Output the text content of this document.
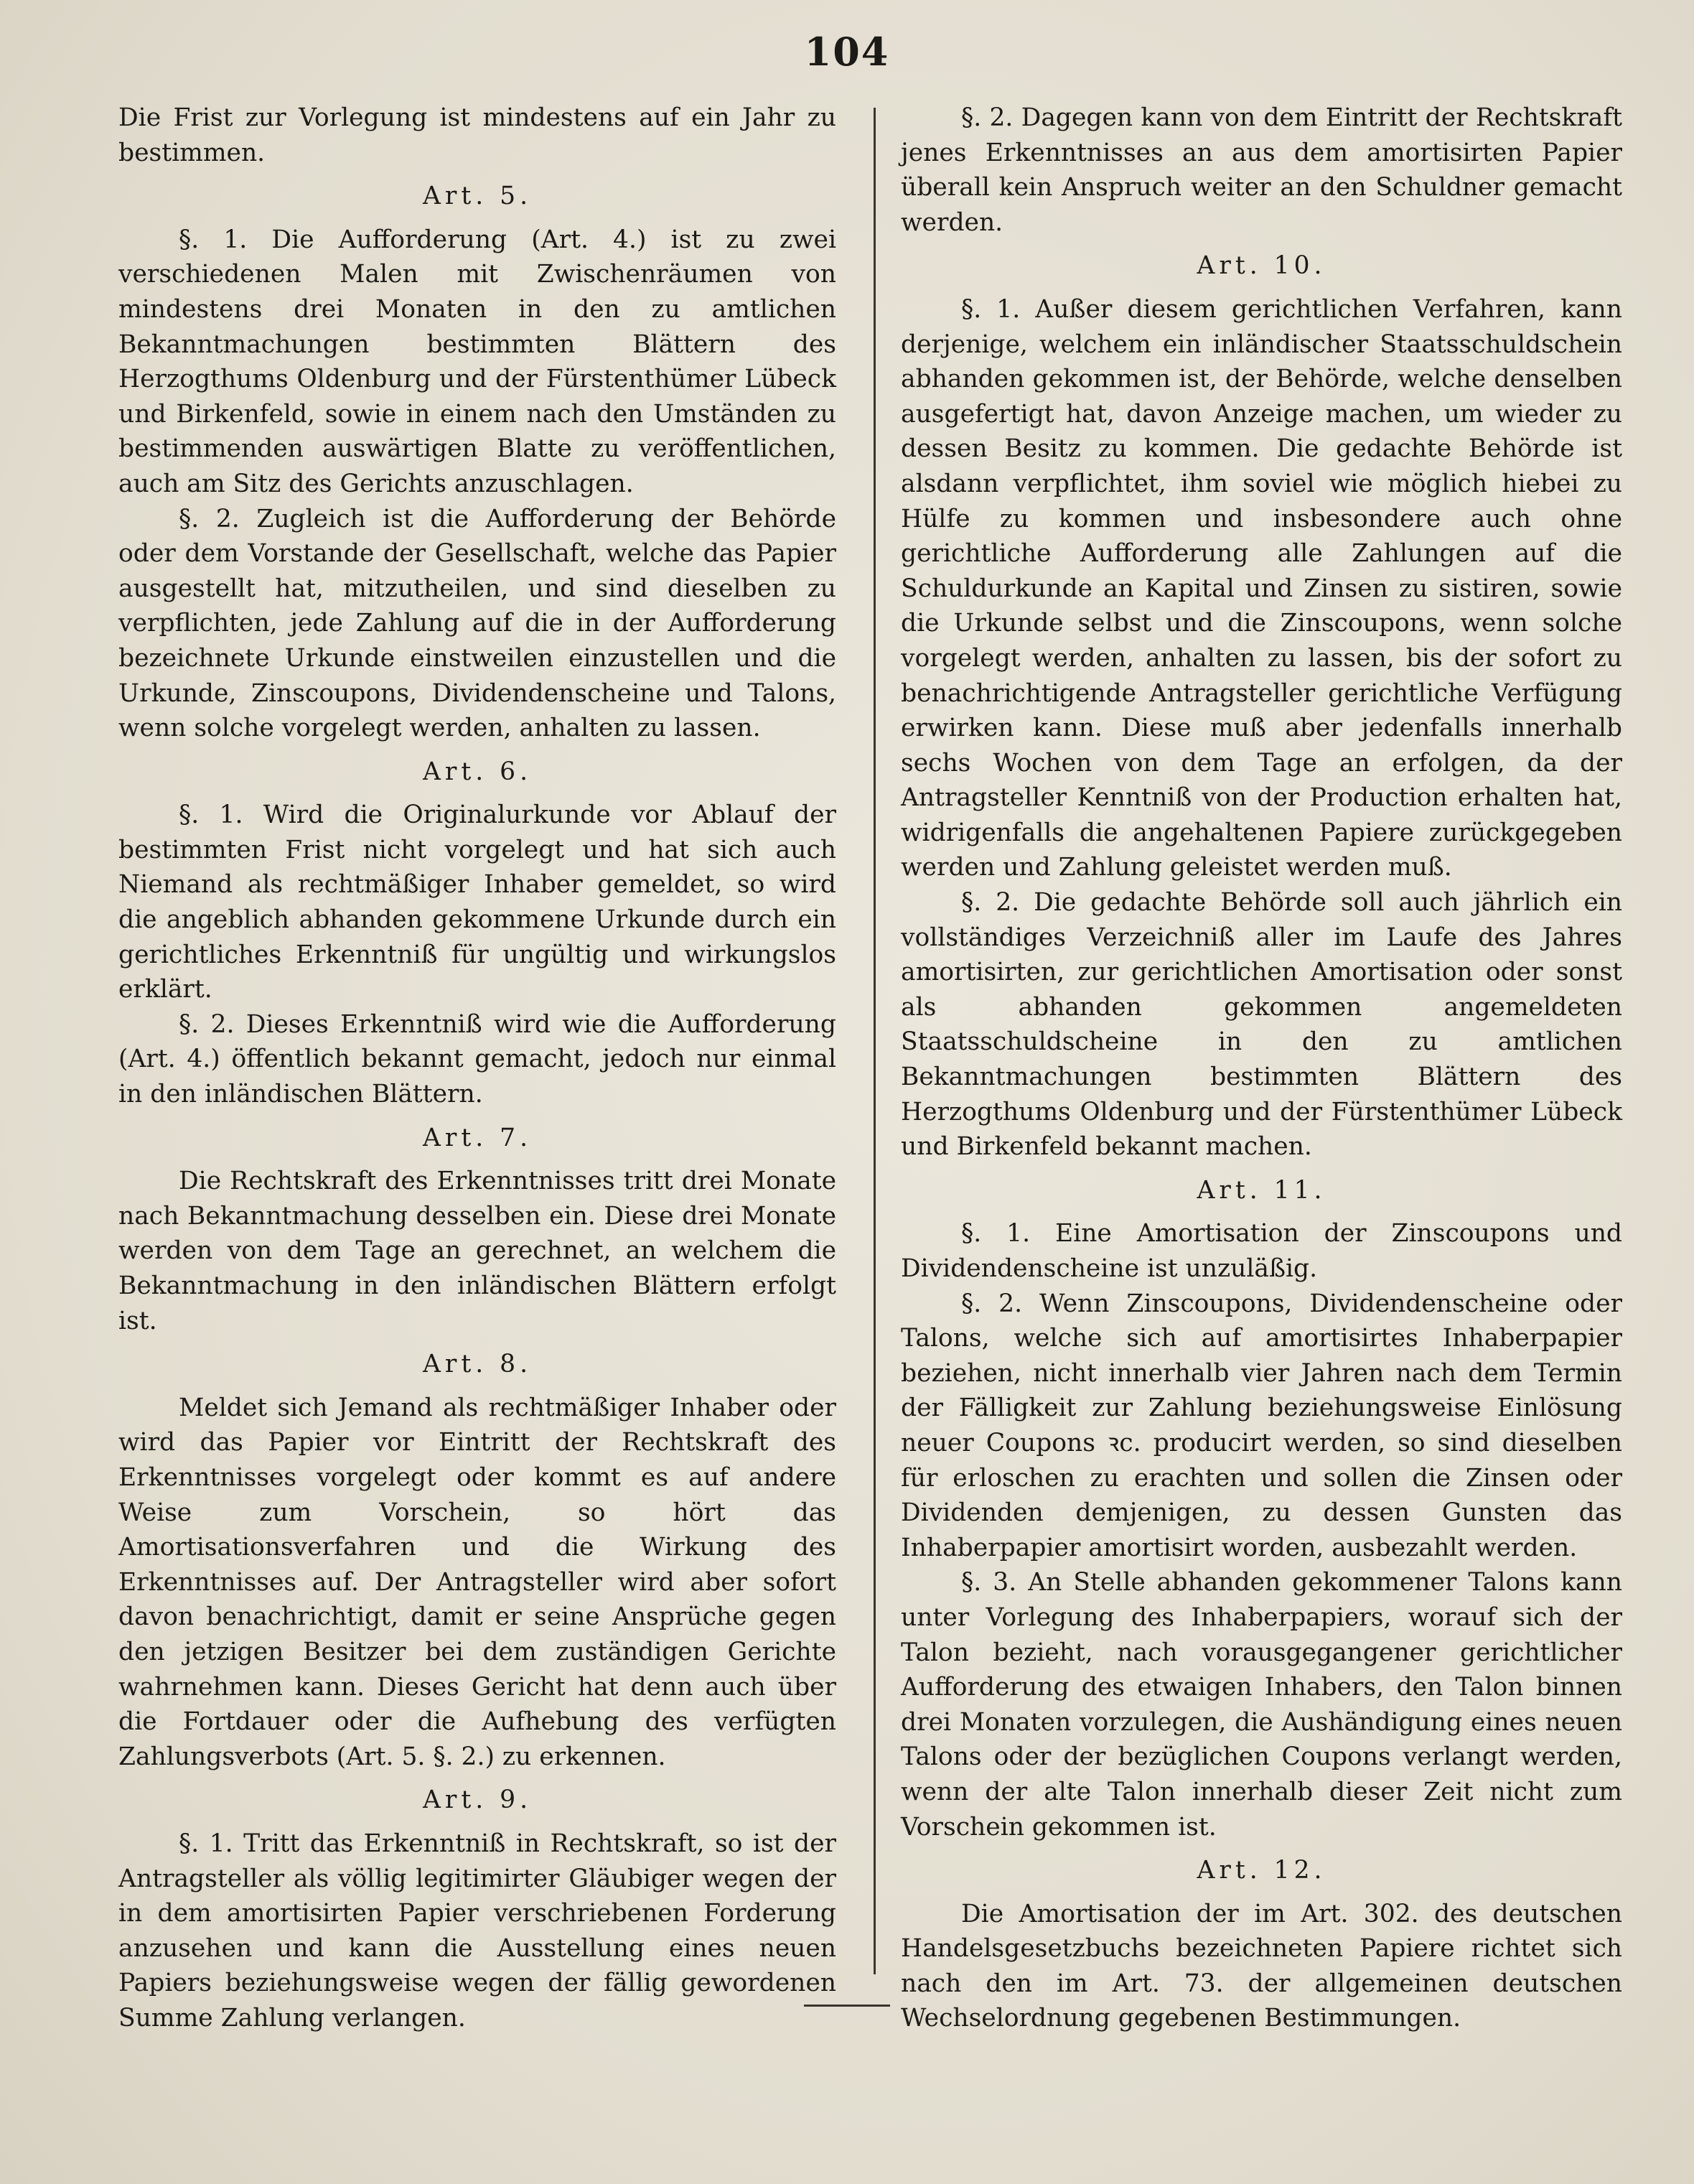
104

Die Frist zur Vorlegung ist mindestens auf ein Jahr zu bestimmen.

Art. 5.

§. 1. Die Aufforderung (Art. 4.) ist zu zwei verschiedenen Malen mit Zwischenräumen von mindestens drei Monaten in den zu amtlichen Bekanntmachungen bestimmten Blättern des Herzogthums Oldenburg und der Fürstenthümer Lübeck und Birkenfeld, sowie in einem nach den Umständen zu bestimmenden auswärtigen Blatte zu veröffentlichen, auch am Sitz des Gerichts anzuschlagen.

§. 2. Zugleich ist die Aufforderung der Behörde oder dem Vorstande der Gesellschaft, welche das Papier ausgestellt hat, mitzutheilen, und sind dieselben zu verpflichten, jede Zahlung auf die in der Aufforderung bezeichnete Urkunde einstweilen einzustellen und die Urkunde, Zinscoupons, Dividendenscheine und Talons, wenn solche vorgelegt werden, anhalten zu lassen.

Art. 6.

§. 1. Wird die Originalurkunde vor Ablauf der bestimmten Frist nicht vorgelegt und hat sich auch Niemand als rechtmäßiger Inhaber gemeldet, so wird die angeblich abhanden gekommene Urkunde durch ein gerichtliches Erkenntniß für ungültig und wirkungslos erklärt.

§. 2. Dieses Erkenntniß wird wie die Aufforderung (Art. 4.) öffentlich bekannt gemacht, jedoch nur einmal in den inländischen Blättern.

Art. 7.

Die Rechtskraft des Erkenntnisses tritt drei Monate nach Bekanntmachung desselben ein. Diese drei Monate werden von dem Tage an gerechnet, an welchem die Bekanntmachung in den inländischen Blättern erfolgt ist.

Art. 8.

Meldet sich Jemand als rechtmäßiger Inhaber oder wird das Papier vor Eintritt der Rechtskraft des Erkenntnisses vorgelegt oder kommt es auf andere Weise zum Vorschein, so hört das Amortisationsverfahren und die Wirkung des Erkenntnisses auf. Der Antragsteller wird aber sofort davon benachrichtigt, damit er seine Ansprüche gegen den jetzigen Besitzer bei dem zuständigen Gerichte wahrnehmen kann. Dieses Gericht hat denn auch über die Fortdauer oder die Aufhebung des verfügten Zahlungsverbots (Art. 5. §. 2.) zu erkennen.

Art. 9.

§. 1. Tritt das Erkenntniß in Rechtskraft, so ist der Antragsteller als völlig legitimirter Gläubiger wegen der in dem amortisirten Papier verschriebenen Forderung anzusehen und kann die Ausstellung eines neuen Papiers beziehungsweise wegen der fällig gewordenen Summe Zahlung verlangen.

§. 2. Dagegen kann von dem Eintritt der Rechtskraft jenes Erkenntnisses an aus dem amortisirten Papier überall kein Anspruch weiter an den Schuldner gemacht werden.

Art. 10.

§. 1. Außer diesem gerichtlichen Verfahren, kann derjenige, welchem ein inländischer Staatsschuldschein abhanden gekommen ist, der Behörde, welche denselben ausgefertigt hat, davon Anzeige machen, um wieder zu dessen Besitz zu kommen. Die gedachte Behörde ist alsdann verpflichtet, ihm soviel wie möglich hiebei zu Hülfe zu kommen und insbesondere auch ohne gerichtliche Aufforderung alle Zahlungen auf die Schuldurkunde an Kapital und Zinsen zu sistiren, sowie die Urkunde selbst und die Zinscoupons, wenn solche vorgelegt werden, anhalten zu lassen, bis der sofort zu benachrichtigende Antragsteller gerichtliche Verfügung erwirken kann. Diese muß aber jedenfalls innerhalb sechs Wochen von dem Tage an erfolgen, da der Antragsteller Kenntniß von der Production erhalten hat, widrigenfalls die angehaltenen Papiere zurückgegeben werden und Zahlung geleistet werden muß.

§. 2. Die gedachte Behörde soll auch jährlich ein vollständiges Verzeichniß aller im Laufe des Jahres amortisirten, zur gerichtlichen Amortisation oder sonst als abhanden gekommen angemeldeten Staatsschuldscheine in den zu amtlichen Bekanntmachungen bestimmten Blättern des Herzogthums Oldenburg und der Fürstenthümer Lübeck und Birkenfeld bekannt machen.

Art. 11.

§. 1. Eine Amortisation der Zinscoupons und Dividendenscheine ist unzuläßig.

§. 2. Wenn Zinscoupons, Dividendenscheine oder Talons, welche sich auf amortisirtes Inhaberpapier beziehen, nicht innerhalb vier Jahren nach dem Termin der Fälligkeit zur Zahlung beziehungsweise Einlösung neuer Coupons ꝛc. producirt werden, so sind dieselben für erloschen zu erachten und sollen die Zinsen oder Dividenden demjenigen, zu dessen Gunsten das Inhaberpapier amortisirt worden, ausbezahlt werden.

§. 3. An Stelle abhanden gekommener Talons kann unter Vorlegung des Inhaberpapiers, worauf sich der Talon bezieht, nach vorausgegangener gerichtlicher Aufforderung des etwaigen Inhabers, den Talon binnen drei Monaten vorzulegen, die Aushändigung eines neuen Talons oder der bezüglichen Coupons verlangt werden, wenn der alte Talon innerhalb dieser Zeit nicht zum Vorschein gekommen ist.

Art. 12.

Die Amortisation der im Art. 302. des deutschen Handelsgesetzbuchs bezeichneten Papiere richtet sich nach den im Art. 73. der allgemeinen deutschen Wechselordnung gegebenen Bestimmungen.
